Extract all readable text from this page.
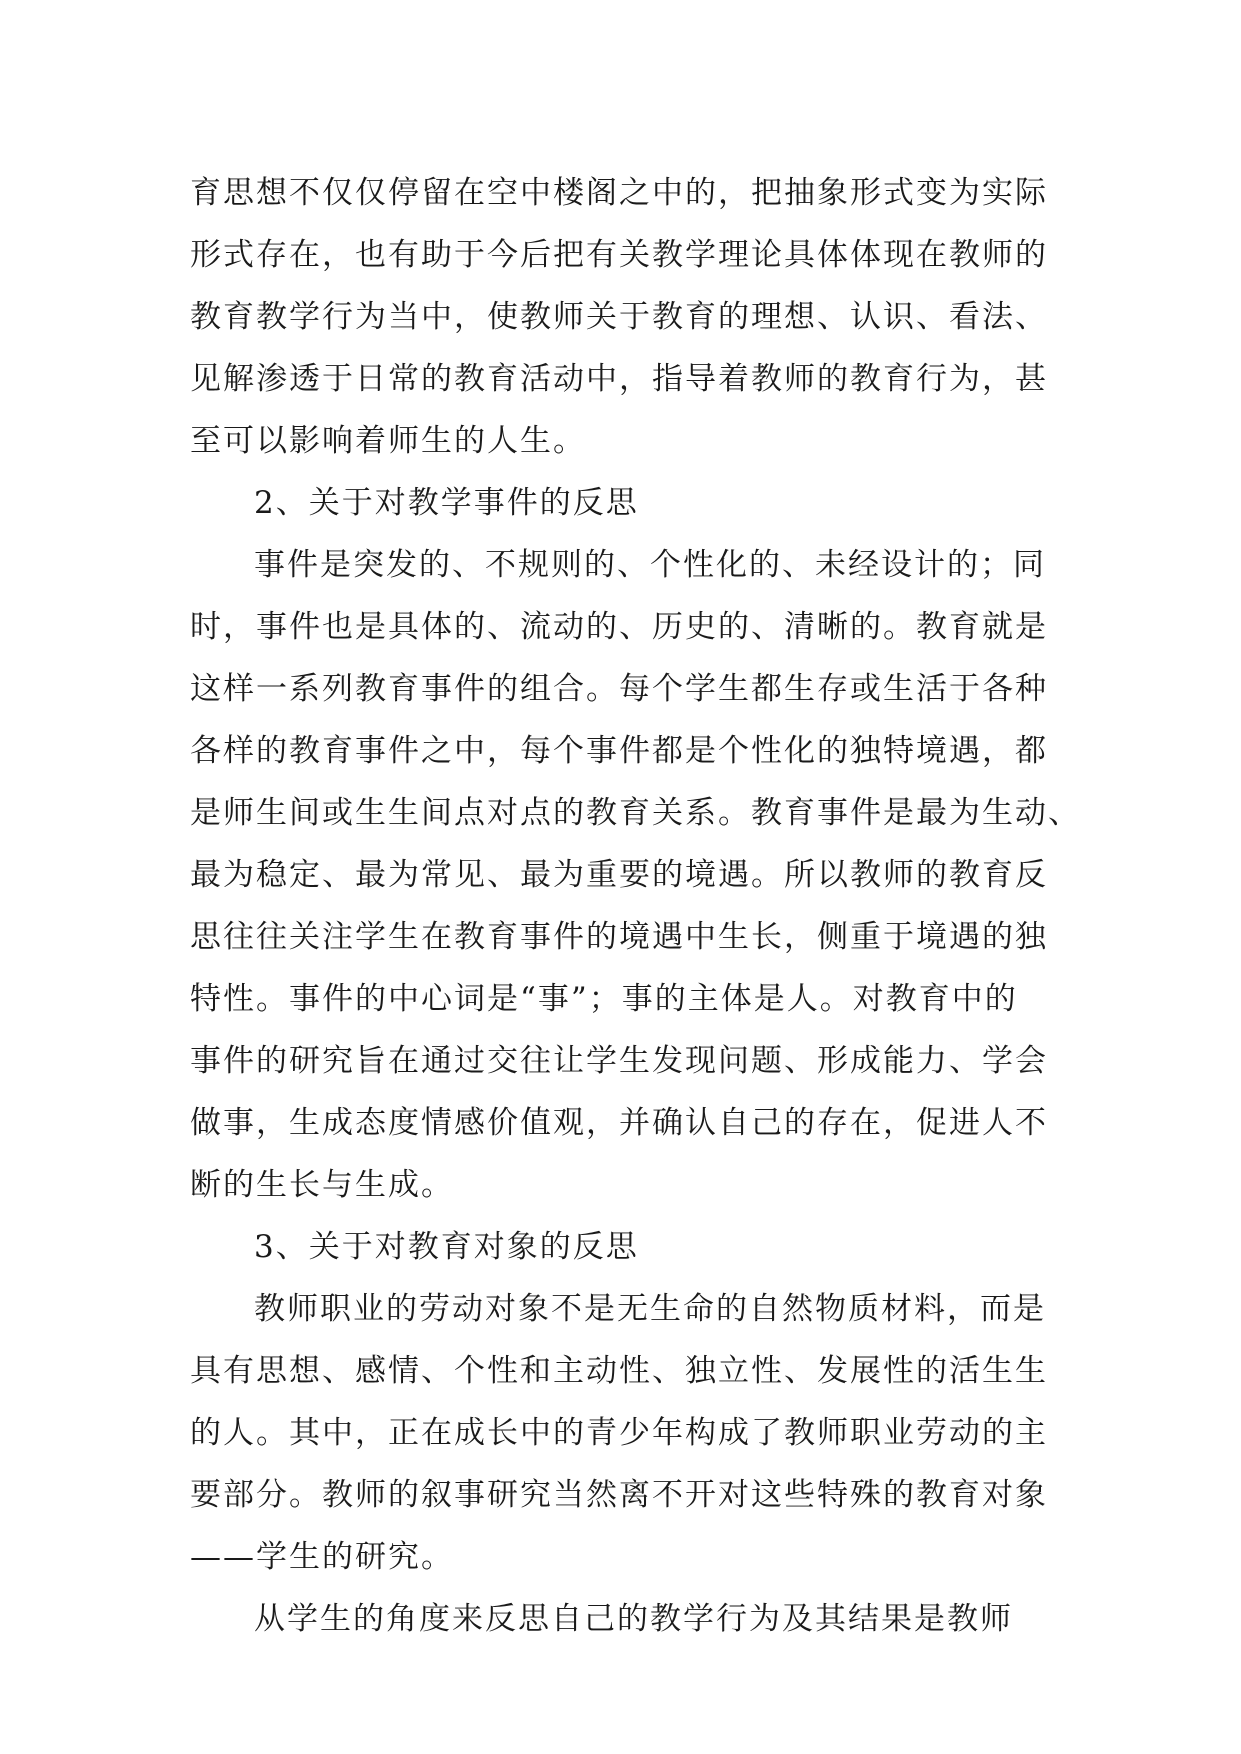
育思想不仅仅停留在空中楼阁之中的，把抽象形式变为实际
形式存在，也有助于今后把有关教学理论具体体现在教师的
教育教学行为当中，使教师关于教育的理想、认识、看法、
见解渗透于日常的教育活动中，指导着教师的教育行为，甚
至可以影响着师生的人生。
2、关于对教学事件的反思
事件是突发的、不规则的、个性化的、未经设计的；同
时，事件也是具体的、流动的、历史的、清晰的。教育就是
这样一系列教育事件的组合。每个学生都生存或生活于各种
各样的教育事件之中，每个事件都是个性化的独特境遇，都
是师生间或生生间点对点的教育关系。教育事件是最为生动、
最为稳定、最为常见、最为重要的境遇。所以教师的教育反
思往往关注学生在教育事件的境遇中生长，侧重于境遇的独
特性。事件的中心词是“事”；事的主体是人。对教育中的
事件的研究旨在通过交往让学生发现问题、形成能力、学会
做事，生成态度情感价值观，并确认自己的存在，促进人不
断的生长与生成。
3、关于对教育对象的反思
教师职业的劳动对象不是无生命的自然物质材料，而是
具有思想、感情、个性和主动性、独立性、发展性的活生生
的人。其中，正在成长中的青少年构成了教师职业劳动的主
要部分。教师的叙事研究当然离不开对这些特殊的教育对象
——学生的研究。
从学生的角度来反思自己的教学行为及其结果是教师
